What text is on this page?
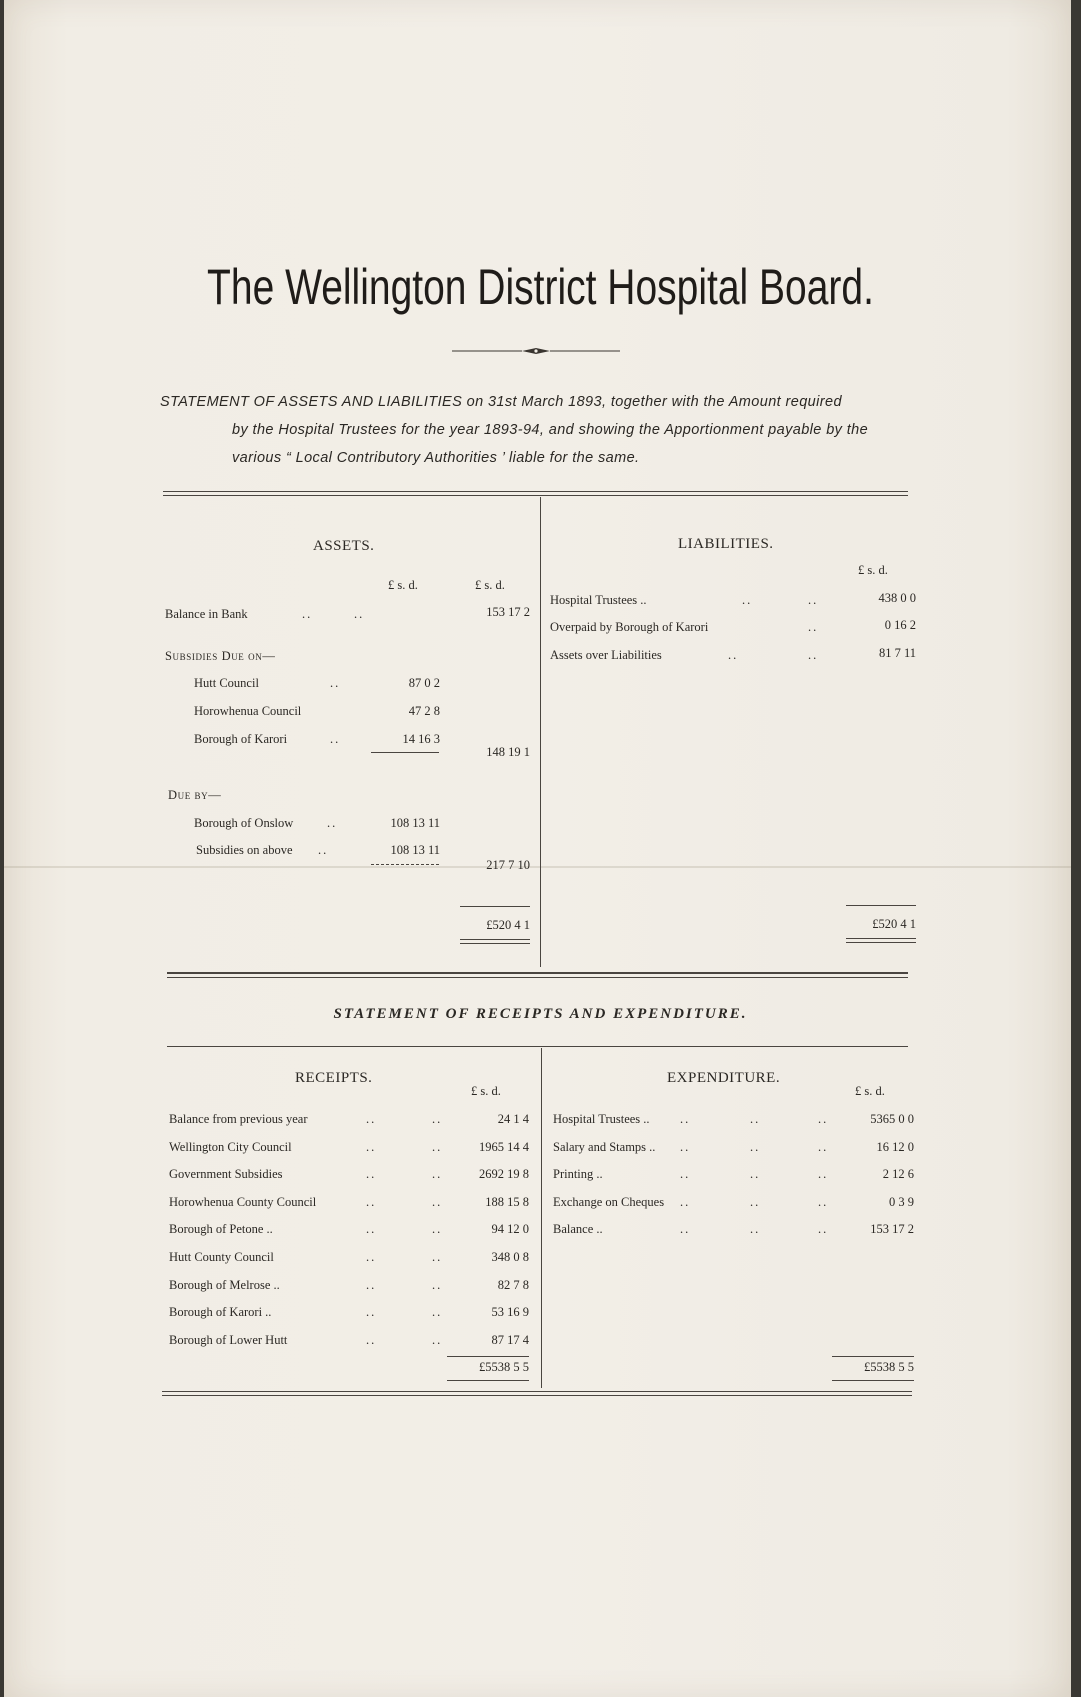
The Wellington District Hospital Board.
STATEMENT OF ASSETS AND LIABILITIES on 31st March 1893, together with the Amount required
by the Hospital Trustees for the year 1893-94, and showing the Apportionment payable by the
various “ Local Contributory Authorities ’ liable for the same.
ASSETS.
£ s. d.	£ s. d.
Balance in Bank	..	..	153 17 2
Subsidies Due on—
Hutt Council	..	87 0 2
Horowhenua Council	47 2 8
Borough of Karori	..	14 16 3
148 19 1
Due by—
Borough of Onslow	..	108 13 11
Subsidies on above ..	108 13 11
217 7 10
£520 4 1
LIABILITIES.
£ s. d.
Hospital Trustees ..	..	..	438 0 0
Overpaid by Borough of Karori	..	0 16 2
Assets over Liabilities	..	..	81 7 11
£520 4 1
STATEMENT OF RECEIPTS AND EXPENDITURE.
RECEIPTS.
£ s. d.
Balance from previous year	..	..	24 1 4
Wellington City Council	..	..	1965 14 4
Government Subsidies	..	..	2692 19 8
Horowhenua County Council	..	..	188 15 8
Borough of Petone ..	..	..	94 12 0
Hutt County Council	..	..	348 0 8
Borough of Melrose ..	..	..	82 7 8
Borough of Karori ..	..	..	53 16 9
Borough of Lower Hutt	..	..	87 17 4
£5538 5 5
EXPENDITURE.
£ s. d.
Hospital Trustees .. ..	..	..	5365 0 0
Salary and Stamps .. ..	..	..	16 12 0
Printing ..	..	..	..	2 12 6
Exchange on Cheques ..	..	..	0 3 9
Balance ..	..	..	..	153 17 2
£5538 5 5
